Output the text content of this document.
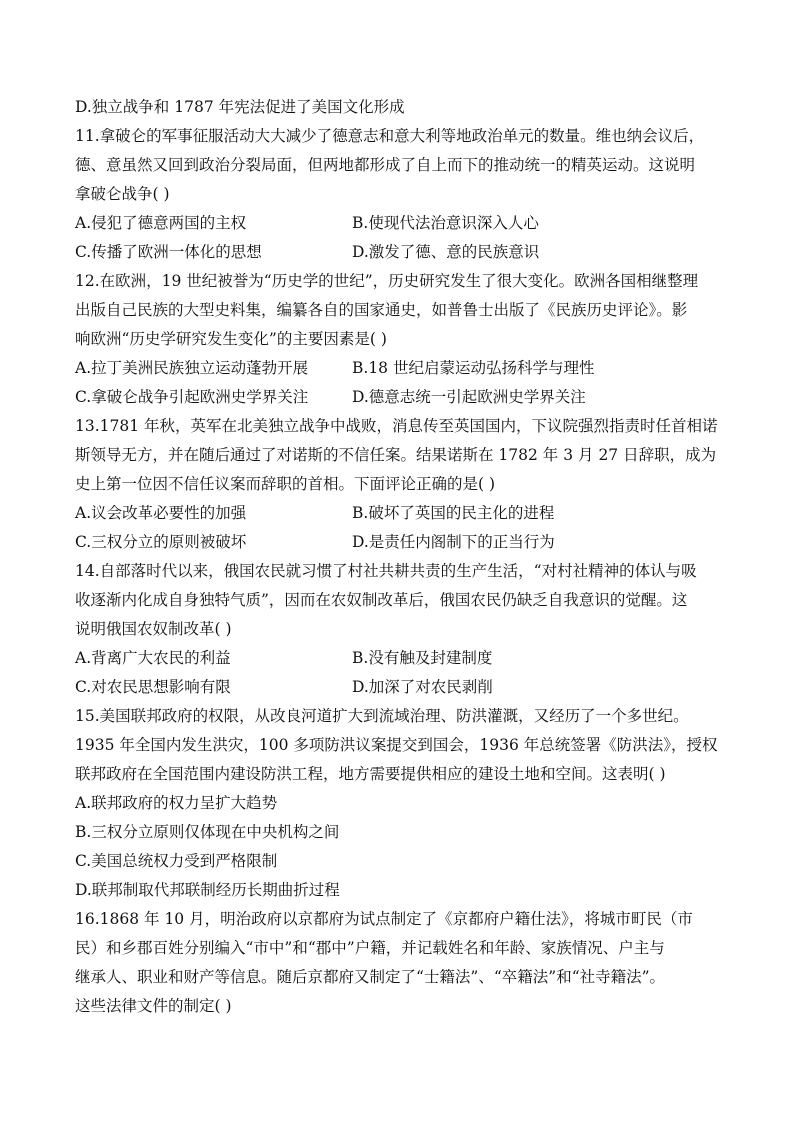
D.独立战争和 1787 年宪法促进了美国文化形成
11.拿破仑的军事征服活动大大减少了德意志和意大利等地政治单元的数量。维也纳会议后，
德、意虽然又回到政治分裂局面，但两地都形成了自上而下的推动统一的精英运动。这说明
拿破仑战争( )
A.侵犯了德意两国的主权	B.使现代法治意识深入人心
C.传播了欧洲一体化的思想	D.激发了德、意的民族意识
12.在欧洲，19 世纪被誉为“历史学的世纪”，历史研究发生了很大变化。欧洲各国相继整理
出版自己民族的大型史料集，编纂各自的国家通史，如普鲁士出版了《民族历史评论》。影
响欧洲“历史学研究发生变化”的主要因素是( )
A.拉丁美洲民族独立运动蓬勃开展	B.18 世纪启蒙运动弘扬科学与理性
C.拿破仑战争引起欧洲史学界关注	D.德意志统一引起欧洲史学界关注
13.1781 年秋，英军在北美独立战争中战败，消息传至英国国内，下议院强烈指责时任首相诺
斯领导无方，并在随后通过了对诺斯的不信任案。结果诺斯在 1782 年 3 月 27 日辞职，成为
史上第一位因不信任议案而辞职的首相。下面评论正确的是( )
A.议会改革必要性的加强	B.破坏了英国的民主化的进程
C.三权分立的原则被破坏	D.是责任内阁制下的正当行为
14.自部落时代以来，俄国农民就习惯了村社共耕共责的生产生活，“对村社精神的体认与吸
收逐渐内化成自身独特气质”，因而在农奴制改革后，俄国农民仍缺乏自我意识的觉醒。这
说明俄国农奴制改革( )
A.背离广大农民的利益	B.没有触及封建制度
C.对农民思想影响有限	D.加深了对农民剥削
15.美国联邦政府的权限，从改良河道扩大到流域治理、防洪灌溉，又经历了一个多世纪。
1935 年全国内发生洪灾，100 多项防洪议案提交到国会，1936 年总统签署《防洪法》，授权
联邦政府在全国范围内建设防洪工程，地方需要提供相应的建设土地和空间。这表明( )
A.联邦政府的权力呈扩大趋势
B.三权分立原则仅体现在中央机构之间
C.美国总统权力受到严格限制
D.联邦制取代邦联制经历长期曲折过程
16.1868 年 10 月，明治政府以京都府为试点制定了《京都府户籍仕法》，将城市町民（市
民）和乡郡百姓分别编入“市中”和“郡中”户籍，并记载姓名和年龄、家族情况、户主与
继承人、职业和财产等信息。随后京都府又制定了“士籍法”、“卒籍法”和“社寺籍法”。
这些法律文件的制定( )
